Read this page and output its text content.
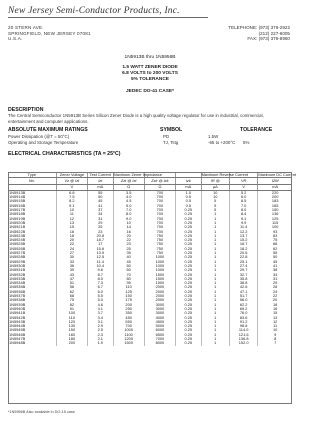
New Jersey Semi-Conductor Products, Inc.
20 STERN AVE.
SPRINGFIELD, NEW JERSEY 07081
U.S.A.
TELEPHONE: (973) 376-2922
(212) 227-6005
FAX: (973) 376-8960
1N5913B thru 1N5956B
1.5 WATT ZENER DIODE
6.8 VOLTS to 200 VOLTS
5% TOLERANCE
JEDEC DO-41 CASE*
DESCRIPTION
The Central Semiconductor 1N5913B Series Silicon Zener Diode is a high quality voltage regulator for use in industrial, commercial, entertainment and computer applications.
ABSOLUTE MAXIMUM RATINGS	SYMBOL	TOLERANCE
Power Dissipation (@T = 50°C)	PD	1.5W
Operating and Storage Temperature	TJ, Tstg	-65 to +200°C 5%
ELECTRICAL CHARACTERISTICS (TA = 25°C)
Type	Zener Voltage	Test Current	Maximum Zener Impedance			Maximum Reverse Current		Maximum DC Current
No.	Vz @ Izt	Izt	Zzt @ Izt	Zzk @ Izk	Izk	IR @	VR	IZM
	V	mA	Ω	Ω	mA	µA	V	mA
1N5913B	6.8	55	3.5	700	1.0	10	5.2	220
1N5914B	7.5	50	4.0	700	0.5	10	6.0	200
1N5915B	8.2	45	4.5	700	0.5	5	6.5	183
1N5916B	9.1	41	5.0	700	0.5	5	7.0	165
1N5917B	10	37	7.0	700	0.25	5	8.0	150
1N5918B	11	34	8.0	700	0.25	1	8.4	136
1N5919B	12	31	9.0	700	0.25	1	9.1	125
1N5920B	13	29	10	700	0.25	1	9.9	115
1N5921B	15	25	14	700	0.25	1	11.4	100
1N5922B	16	23	16	700	0.25	1	12.2	93
1N5923B	18	20.8	20	750	0.25	1	13.7	83
1N5924B	20	18.7	22	750	0.25	1	15.2	75
1N5925B	22	17	23	750	0.25	1	16.7	68
1N5926B	24	15.6	25	750	0.25	1	18.2	62
1N5927B	27	13.9	35	750	0.25	1	20.6	55
1N5928B	30	12.5	40	1000	0.25	1	22.8	50
1N5929B	33	11.4	45	1000	0.25	1	25.1	45
1N5930B	36	10.4	50	1000	0.25	1	27.4	41
1N5931B	39	9.6	60	1000	0.25	1	29.7	38
1N5932B	43	8.7	70	1500	0.25	1	32.7	34
1N5933B	47	8.0	80	1500	0.25	1	35.8	31
1N5934B	51	7.3	95	1500	0.25	1	38.8	29
1N5935B	56	6.7	110	2000	0.25	1	42.6	26
1N5936B	62	6.0	125	2000	0.25	1	47.1	24
1N5937B	68	5.5	150	2000	0.25	1	51.7	22
1N5938B	75	5.0	175	2000	0.25	1	56.0	20
1N5939B	82	4.6	200	3000	0.25	1	62.2	18
1N5940B	91	4.1	250	3000	0.25	1	69.2	16
1N5941B	100	3.7	350	3000	0.25	1	76.0	15
1N5942B	110	3.4	450	4000	0.25	1	83.6	13
1N5943B	120	3.1	550	4500	0.25	1	91.2	12
1N5944B	130	2.9	700	5000	0.25	1	98.8	11
1N5945B	150	2.5	1000	6000	0.25	1	114.0	10
1N5946B	160	2.3	1100	6500	0.25	1	121.6	9
1N5947B	180	2.1	1200	7000	0.25	1	136.8	8
1N5948B	200	1.9	1500	8000	0.25	1	152.0	7
*1N5956B Also available in DO-15 case
